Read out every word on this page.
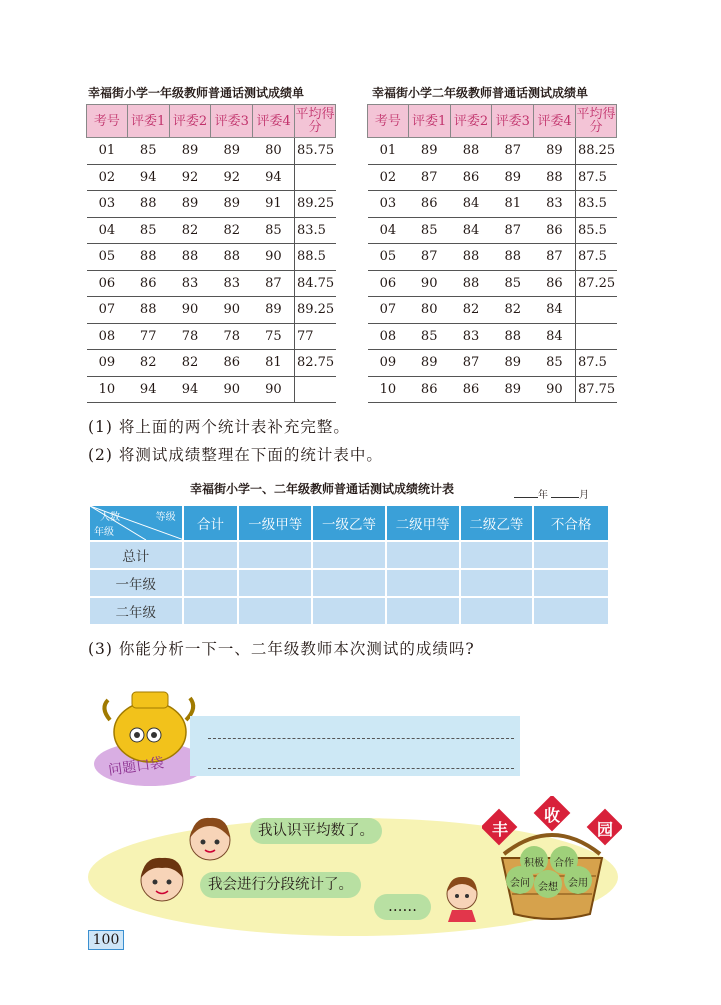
幸福街小学一年级教师普通话测试成绩单
考号	评委1	评委2	评委3	评委4	平均得分
01	85	89	89	80	85.75
02	94	92	92	94	
03	88	89	89	91	89.25
04	85	82	82	85	83.5
05	88	88	88	90	88.5
06	86	83	83	87	84.75
07	88	90	90	89	89.25
08	77	78	78	75	77
09	82	82	86	81	82.75
10	94	94	90	90	
幸福街小学二年级教师普通话测试成绩单
考号	评委1	评委2	评委3	评委4	平均得分
01	89	88	87	89	88.25
02	87	86	89	88	87.5
03	86	84	81	83	83.5
04	85	84	87	86	85.5
05	87	88	88	87	87.5
06	90	88	85	86	87.25
07	80	82	82	84	
08	85	83	88	84	
09	89	87	89	85	87.5
10	86	86	89	90	87.75
(1) 将上面的两个统计表补充完整。
(2) 将测试成绩整理在下面的统计表中。
幸福街小学一、二年级教师普通话测试成绩统计表	年	月
人数 等级
年级	合计	一级甲等	一级乙等	二级甲等	二级乙等	不合格
总计						
一年级						
二年级						
(3) 你能分析一下一、二年级教师本次测试的成绩吗?
问题口袋
我认识平均数了。
我会进行分段统计了。
……
丰
收
园
积极 合作
会问 会想 会用
100
